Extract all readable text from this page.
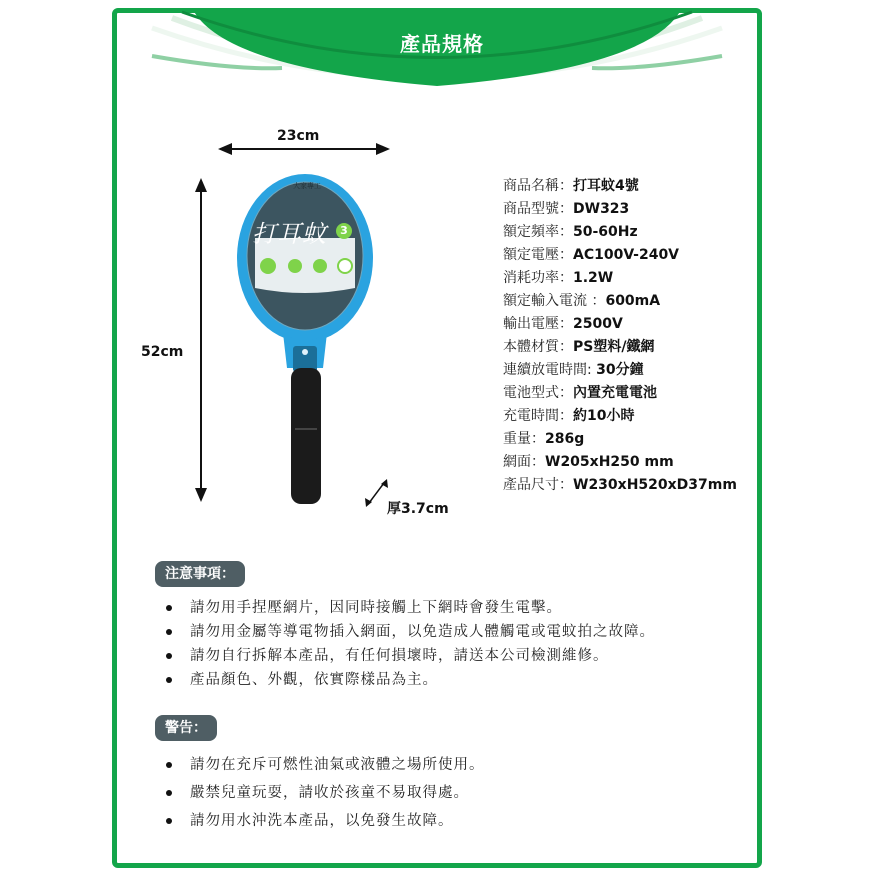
產品規格
23cm
52cm
厚3.7cm
大家專工
打耳蚊	3
商品名稱：打耳蚊4號
商品型號：DW323
額定頻率：50-60Hz
額定電壓：AC100V-240V
消耗功率：1.2W
額定輸入電流 ：600mA
輸出電壓：2500V
本體材質：PS塑料/鐵網
連續放電時間: 30分鐘
電池型式：內置充電電池
充電時間：約10小時
重量：286g
網面：W205xH250 mm
產品尺寸：W230xH520xD37mm
注意事項：
請勿用手捏壓網片，因同時接觸上下網時會發生電擊。
請勿用金屬等導電物插入網面，以免造成人體觸電或電蚊拍之故障。
請勿自行拆解本產品，有任何損壞時，請送本公司檢測維修。
產品顏色、外觀，依實際樣品為主。
警告：
請勿在充斥可燃性油氣或液體之場所使用。
嚴禁兒童玩耍，請收於孩童不易取得處。
請勿用水沖洗本產品，以免發生故障。
